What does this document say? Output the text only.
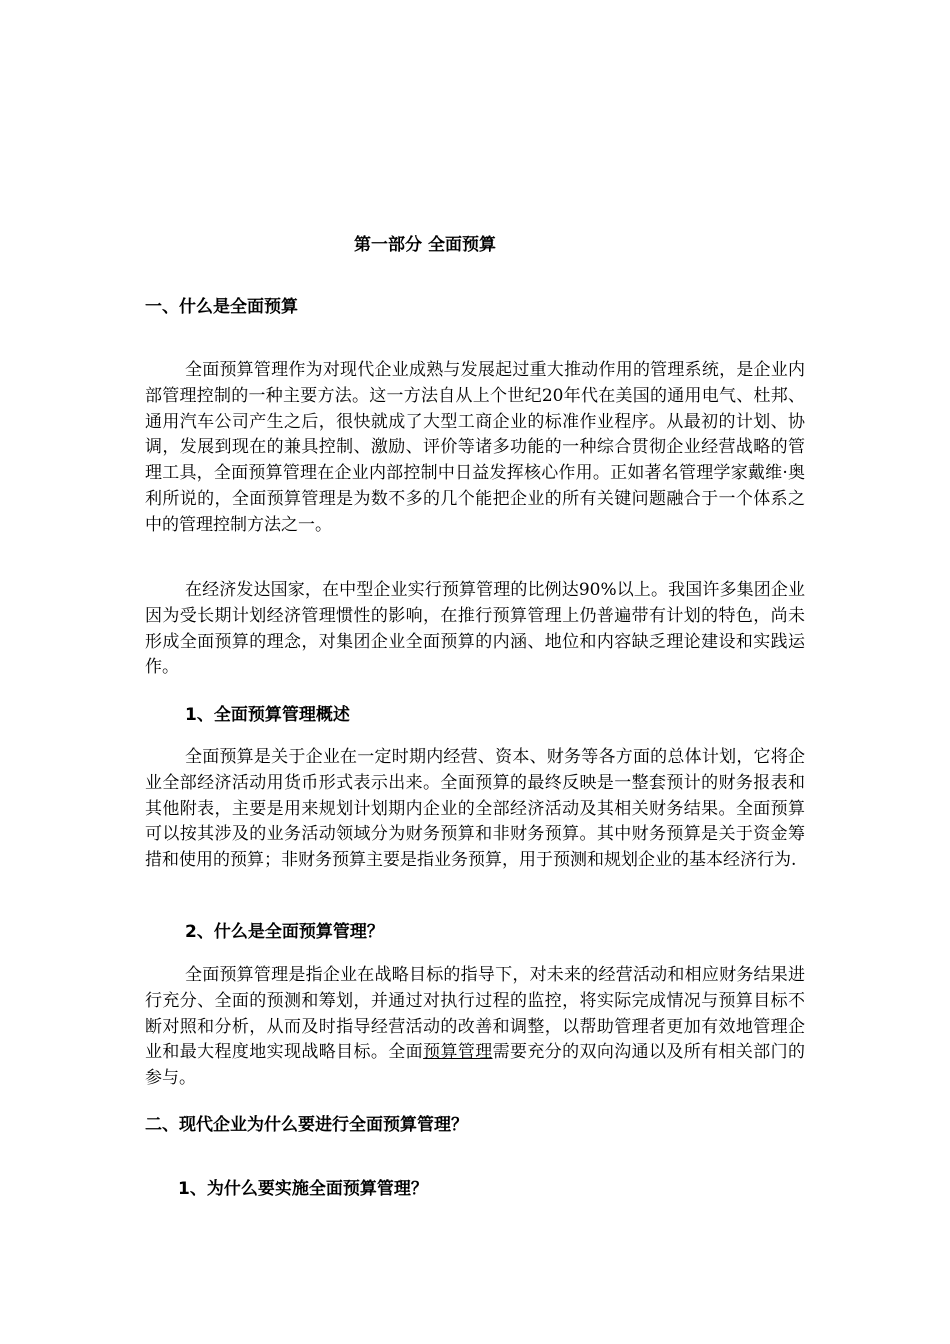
第一部分 全面预算
一、什么是全面预算

全面预算管理作为对现代企业成熟与发展起过重大推动作用的管理系统，是企业内部管理控制的一种主要方法。这一方法自从上个世纪20年代在美国的通用电气、杜邦、通用汽车公司产生之后，很快就成了大型工商企业的标准作业程序。从最初的计划、协调，发展到现在的兼具控制、激励、评价等诸多功能的一种综合贯彻企业经营战略的管理工具，全面预算管理在企业内部控制中日益发挥核心作用。正如著名管理学家戴维·奥利所说的，全面预算管理是为数不多的几个能把企业的所有关键问题融合于一个体系之中的管理控制方法之一。

在经济发达国家，在中型企业实行预算管理的比例达90%以上。我国许多集团企业因为受长期计划经济管理惯性的影响，在推行预算管理上仍普遍带有计划的特色，尚未形成全面预算的理念，对集团企业全面预算的内涵、地位和内容缺乏理论建设和实践运作。

1、全面预算管理概述

全面预算是关于企业在一定时期内经营、资本、财务等各方面的总体计划，它将企业全部经济活动用货币形式表示出来。全面预算的最终反映是一整套预计的财务报表和其他附表，主要是用来规划计划期内企业的全部经济活动及其相关财务结果。全面预算可以按其涉及的业务活动领域分为财务预算和非财务预算。其中财务预算是关于资金筹措和使用的预算；非财务预算主要是指业务预算，用于预测和规划企业的基本经济行为.

2、什么是全面预算管理？

全面预算管理是指企业在战略目标的指导下，对未来的经营活动和相应财务结果进行充分、全面的预测和筹划，并通过对执行过程的监控，将实际完成情况与预算目标不断对照和分析，从而及时指导经营活动的改善和调整，以帮助管理者更加有效地管理企业和最大程度地实现战略目标。全面预算管理需要充分的双向沟通以及所有相关部门的参与。

二、现代企业为什么要进行全面预算管理？
1、为什么要实施全面预算管理？
